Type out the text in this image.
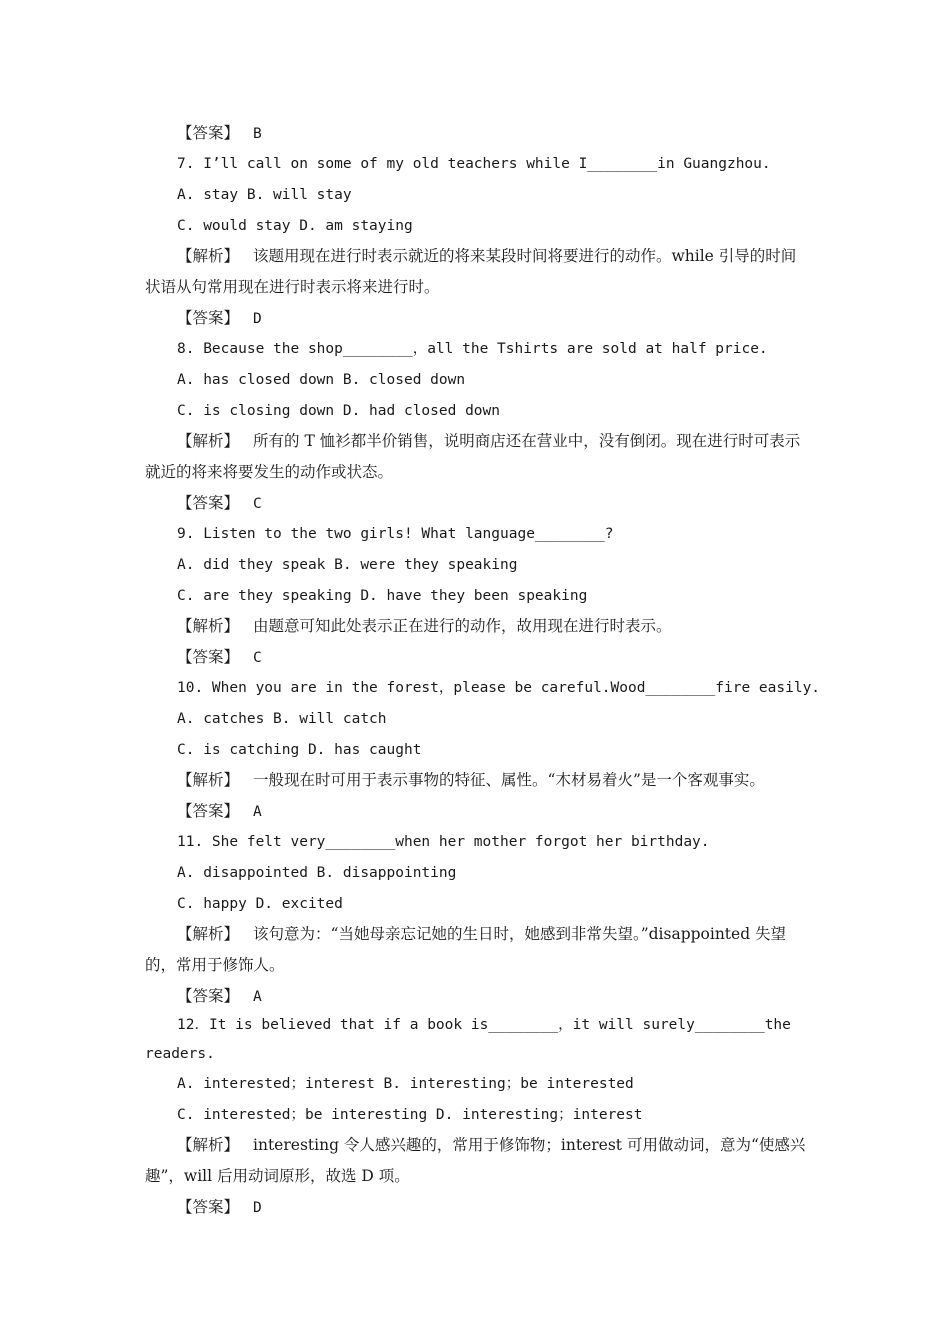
【答案】 B
7. I’ll call on some of my old teachers while I________in Guangzhou.
A. stay B. will stay
C. would stay D. am staying
【解析】 该题用现在进行时表示就近的将来某段时间将要进行的动作。while 引导的时间状语从句常用现在进行时表示将来进行时。
【答案】 D
8. Because the shop________，all the Tshirts are sold at half price.
A. has closed down B. closed down
C. is closing down D. had closed down
【解析】 所有的 T 恤衫都半价销售，说明商店还在营业中，没有倒闭。现在进行时可表示就近的将来将要发生的动作或状态。
【答案】 C
9. Listen to the two girls! What language________?
A. did they speak B. were they speaking
C. are they speaking D. have they been speaking
【解析】 由题意可知此处表示正在进行的动作，故用现在进行时表示。
【答案】 C
10. When you are in the forest，please be careful.Wood________fire easily.
A. catches B. will catch
C. is catching D. has caught
【解析】 一般现在时可用于表示事物的特征、属性。“木材易着火”是一个客观事实。
【答案】 A
11. She felt very________when her mother forgot her birthday.
A. disappointed B. disappointing
C. happy D. excited
【解析】 该句意为：“当她母亲忘记她的生日时，她感到非常失望。”disappointed 失望的，常用于修饰人。
【答案】 A
12．It is believed that if a book is________，it will surely________the readers.
A. interested；interest B. interesting；be interested
C. interested；be interesting D. interesting；interest
【解析】 interesting 令人感兴趣的，常用于修饰物；interest 可用做动词，意为“使感兴趣”，will 后用动词原形，故选 D 项。
【答案】 D
